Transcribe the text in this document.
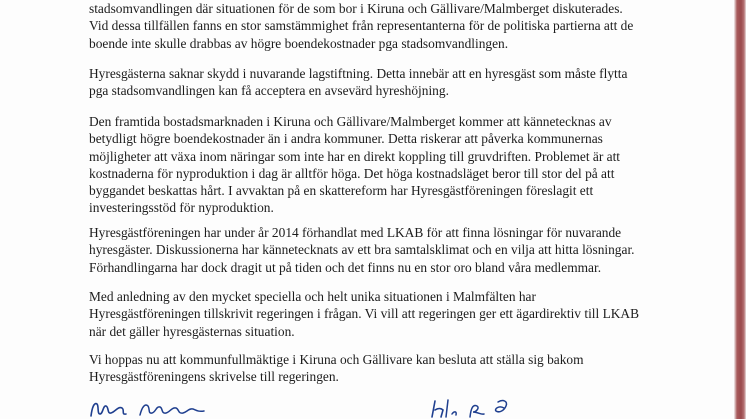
stadsomvandlingen där situationen för de som bor i Kiruna och Gällivare/Malmberget diskuterades.
Vid dessa tillfällen fanns en stor samstämmighet från representanterna för de politiska partierna att de
boende inte skulle drabbas av högre boendekostnader pga stadsomvandlingen.

Hyresgästerna saknar skydd i nuvarande lagstiftning. Detta innebär att en hyresgäst som måste flytta
pga stadsomvandlingen kan få acceptera en avsevärd hyreshöjning.

Den framtida bostadsmarknaden i Kiruna och Gällivare/Malmberget kommer att kännetecknas av
betydligt högre boendekostnader än i andra kommuner. Detta riskerar att påverka kommunernas
möjligheter att växa inom näringar som inte har en direkt koppling till gruvdriften. Problemet är att
kostnaderna för nyproduktion i dag är alltför höga. Det höga kostnadsläget beror till stor del på att
byggandet beskattas hårt. I avvaktan på en skattereform har Hyresgästföreningen föreslagit ett
investeringsstöd för nyproduktion.

Hyresgästföreningen har under år 2014 förhandlat med LKAB för att finna lösningar för nuvarande
hyresgäster. Diskussionerna har kännetecknats av ett bra samtalsklimat och en vilja att hitta lösningar.
Förhandlingarna har dock dragit ut på tiden och det finns nu en stor oro bland våra medlemmar.

Med anledning av den mycket speciella och helt unika situationen i Malmfälten har
Hyresgästföreningen tillskrivit regeringen i frågan. Vi vill att regeringen ger ett ägardirektiv till LKAB
när det gäller hyresgästernas situation.

Vi hoppas nu att kommunfullmäktige i Kiruna och Gällivare kan besluta att ställa sig bakom
Hyresgästföreningens skrivelse till regeringen.
